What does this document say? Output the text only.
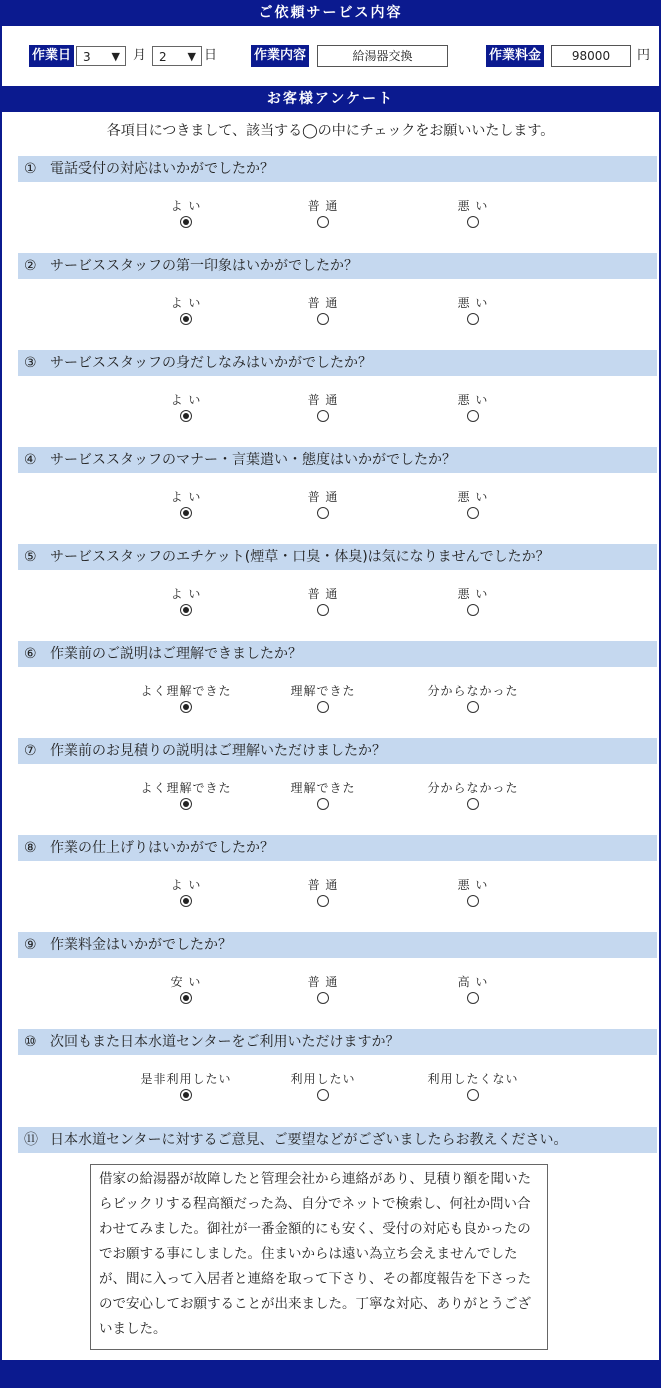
ご依頼サービス内容
作業日 3 ▼ 月	2 ▼ 日	作業内容	給湯器交換	作業料金	98000	円
お客様アンケート
各項目につきまして、該当する◯の中にチェックをお願いいたします。
① 電話受付の対応はいかがでしたか？
よ い	普 通	悪 い
② サービススタッフの第一印象はいかがでしたか？
よ い	普 通	悪 い
③ サービススタッフの身だしなみはいかがでしたか？
よ い	普 通	悪 い
④ サービススタッフのマナー・言葉遣い・態度はいかがでしたか？
よ い	普 通	悪 い
⑤ サービススタッフのエチケット(煙草・口臭・体臭)は気になりませんでしたか？
よ い	普 通	悪 い
⑥ 作業前のご説明はご理解できましたか？
よく理解できた	理解できた	分からなかった
⑦ 作業前のお見積りの説明はご理解いただけましたか？
よく理解できた	理解できた	分からなかった
⑧ 作業の仕上げりはいかがでしたか？
よ い	普 通	悪 い
⑨ 作業料金はいかがでしたか？
安 い	普 通	高 い
⑩ 次回もまた日本水道センターをご利用いただけますか？
是非利用したい	利用したい	利用したくない
⑪ 日本水道センターに対するご意見、ご要望などがございましたらお教えください。
借家の給湯器が故障したと管理会社から連絡があり、見積り額を聞いたらビックリする程高額だった為、自分でネットで検索し、何社か問い合わせてみました。御社が一番金額的にも安く、受付の対応も良かったのでお願する事にしました。住まいからは遠い為立ち会えませんでしたが、間に入って入居者と連絡を取って下さり、その都度報告を下さったので安心してお願することが出来ました。丁寧な対応、ありがとうございました。
